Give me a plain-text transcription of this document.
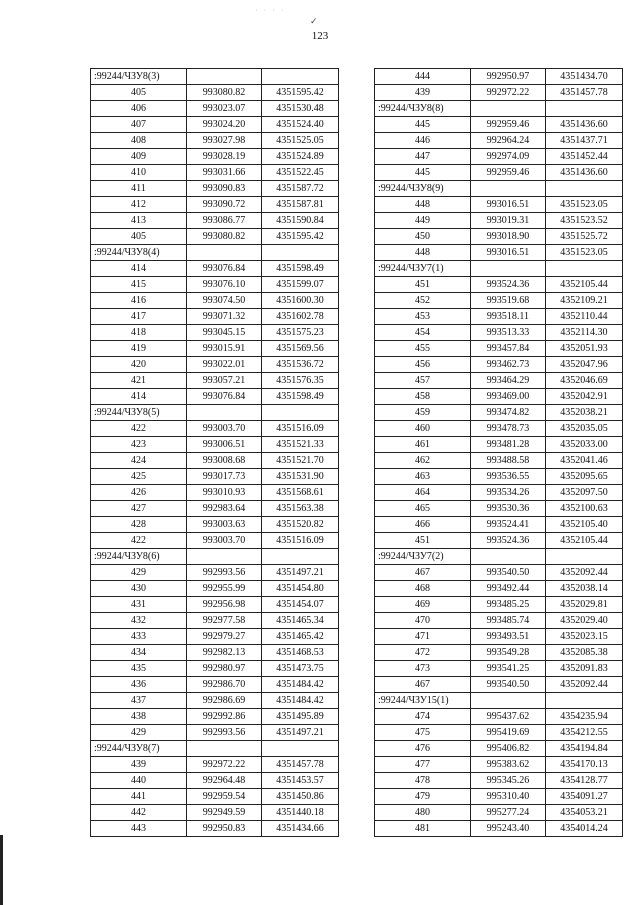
· · · ·
✓
123
:99244/ЧЗУ8(3)		
405	993080.82	4351595.42
406	993023.07	4351530.48
407	993024.20	4351524.40
408	993027.98	4351525.05
409	993028.19	4351524.89
410	993031.66	4351522.45
411	993090.83	4351587.72
412	993090.72	4351587.81
413	993086.77	4351590.84
405	993080.82	4351595.42
:99244/ЧЗУ8(4)		
414	993076.84	4351598.49
415	993076.10	4351599.07
416	993074.50	4351600.30
417	993071.32	4351602.78
418	993045.15	4351575.23
419	993015.91	4351569.56
420	993022.01	4351536.72
421	993057.21	4351576.35
414	993076.84	4351598.49
:99244/ЧЗУ8(5)		
422	993003.70	4351516.09
423	993006.51	4351521.33
424	993008.68	4351521.70
425	993017.73	4351531.90
426	993010.93	4351568.61
427	992983.64	4351563.38
428	993003.63	4351520.82
422	993003.70	4351516.09
:99244/ЧЗУ8(6)		
429	992993.56	4351497.21
430	992955.99	4351454.80
431	992956.98	4351454.07
432	992977.58	4351465.34
433	992979.27	4351465.42
434	992982.13	4351468.53
435	992980.97	4351473.75
436	992986.70	4351484.42
437	992986.69	4351484.42
438	992992.86	4351495.89
429	992993.56	4351497.21
:99244/ЧЗУ8(7)		
439	992972.22	4351457.78
440	992964.48	4351453.57
441	992959.54	4351450.86
442	992949.59	4351440.18
443	992950.83	4351434.66
444	992950.97	4351434.70
439	992972.22	4351457.78
:99244/ЧЗУ8(8)		
445	992959.46	4351436.60
446	992964.24	4351437.71
447	992974.09	4351452.44
445	992959.46	4351436.60
:99244/ЧЗУ8(9)		
448	993016.51	4351523.05
449	993019.31	4351523.52
450	993018.90	4351525.72
448	993016.51	4351523.05
:99244/ЧЗУ7(1)		
451	993524.36	4352105.44
452	993519.68	4352109.21
453	993518.11	4352110.44
454	993513.33	4352114.30
455	993457.84	4352051.93
456	993462.73	4352047.96
457	993464.29	4352046.69
458	993469.00	4352042.91
459	993474.82	4352038.21
460	993478.73	4352035.05
461	993481.28	4352033.00
462	993488.58	4352041.46
463	993536.55	4352095.65
464	993534.26	4352097.50
465	993530.36	4352100.63
466	993524.41	4352105.40
451	993524.36	4352105.44
:99244/ЧЗУ7(2)		
467	993540.50	4352092.44
468	993492.44	4352038.14
469	993485.25	4352029.81
470	993485.74	4352029.40
471	993493.51	4352023.15
472	993549.28	4352085.38
473	993541.25	4352091.83
467	993540.50	4352092.44
:99244/ЧЗУ15(1)		
474	995437.62	4354235.94
475	995419.69	4354212.55
476	995406.82	4354194.84
477	995383.62	4354170.13
478	995345.26	4354128.77
479	995310.40	4354091.27
480	995277.24	4354053.21
481	995243.40	4354014.24
